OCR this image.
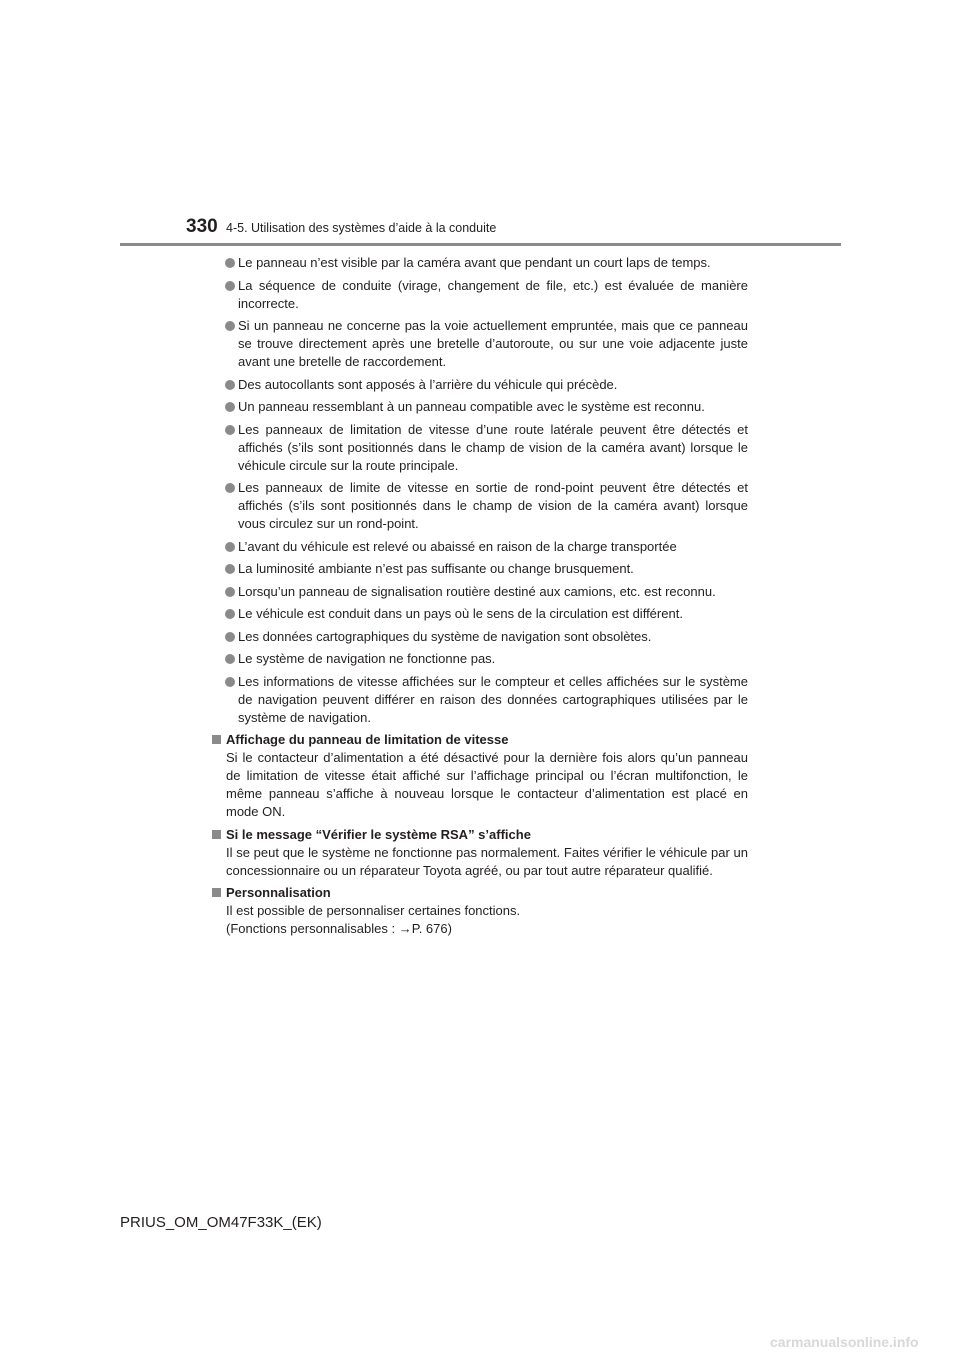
330 4-5. Utilisation des systèmes d’aide à la conduite
Le panneau n’est visible par la caméra avant que pendant un court laps de temps.
La séquence de conduite (virage, changement de file, etc.) est évaluée de manière incorrecte.
Si un panneau ne concerne pas la voie actuellement empruntée, mais que ce panneau se trouve directement après une bretelle d’autoroute, ou sur une voie adjacente juste avant une bretelle de raccordement.
Des autocollants sont apposés à l’arrière du véhicule qui précède.
Un panneau ressemblant à un panneau compatible avec le système est reconnu.
Les panneaux de limitation de vitesse d’une route latérale peuvent être détectés et affichés (s’ils sont positionnés dans le champ de vision de la caméra avant) lorsque le véhicule circule sur la route principale.
Les panneaux de limite de vitesse en sortie de rond-point peuvent être détectés et affichés (s’ils sont positionnés dans le champ de vision de la caméra avant) lorsque vous circulez sur un rond-point.
L’avant du véhicule est relevé ou abaissé en raison de la charge transportée
La luminosité ambiante n’est pas suffisante ou change brusquement.
Lorsqu’un panneau de signalisation routière destiné aux camions, etc. est reconnu.
Le véhicule est conduit dans un pays où le sens de la circulation est différent.
Les données cartographiques du système de navigation sont obsolètes.
Le système de navigation ne fonctionne pas.
Les informations de vitesse affichées sur le compteur et celles affichées sur le système de navigation peuvent différer en raison des données cartographiques utilisées par le système de navigation.
Affichage du panneau de limitation de vitesse
Si le contacteur d’alimentation a été désactivé pour la dernière fois alors qu’un panneau de limitation de vitesse était affiché sur l’affichage principal ou l’écran multifonction, le même panneau s’affiche à nouveau lorsque le contacteur d’alimentation est placé en mode ON.
Si le message “Vérifier le système RSA” s’affiche
Il se peut que le système ne fonctionne pas normalement. Faites vérifier le véhicule par un concessionnaire ou un réparateur Toyota agréé, ou par tout autre réparateur qualifié.
Personnalisation
Il est possible de personnaliser certaines fonctions.
(Fonctions personnalisables : →P. 676)
PRIUS_OM_OM47F33K_(EK)
carmanualsonline.info
